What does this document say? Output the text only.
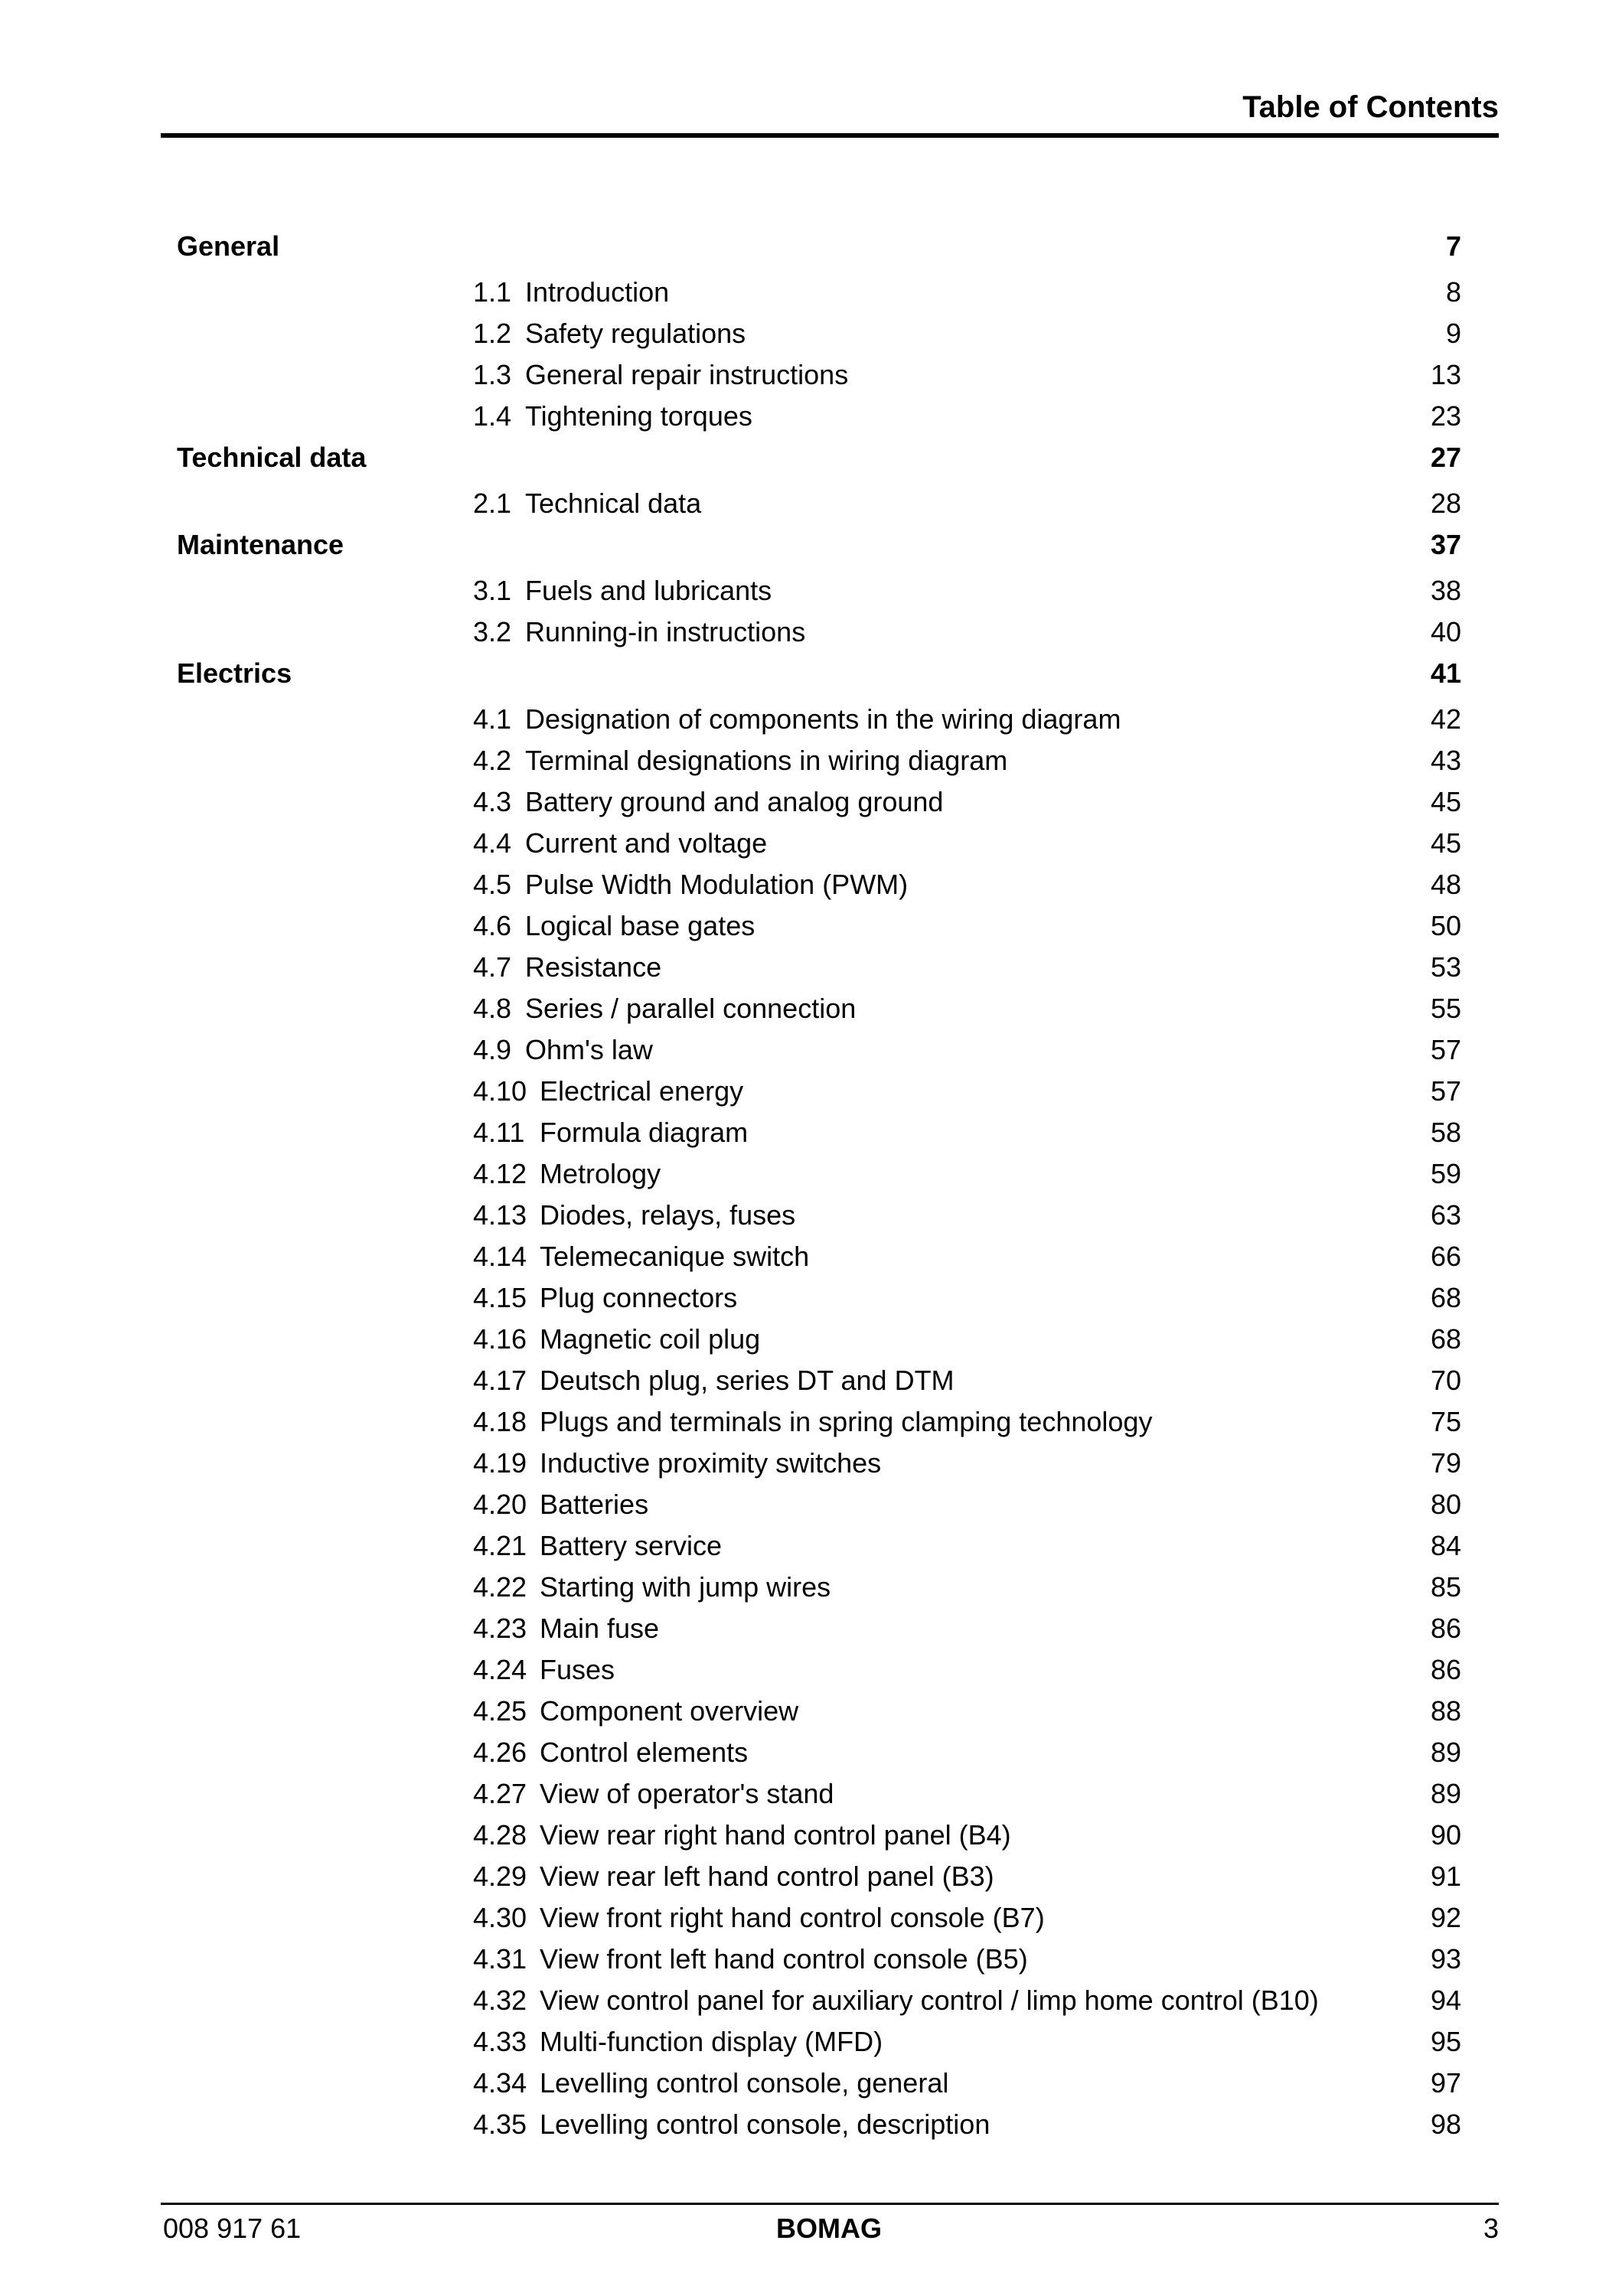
Table of Contents
General	7
1.1 Introduction	8
1.2 Safety regulations	9
1.3 General repair instructions	13
1.4 Tightening torques	23
Technical data	27
2.1 Technical data	28
Maintenance	37
3.1 Fuels and lubricants	38
3.2 Running-in instructions	40
Electrics	41
4.1 Designation of components in the wiring diagram	42
4.2 Terminal designations in wiring diagram	43
4.3 Battery ground and analog ground	45
4.4 Current and voltage	45
4.5 Pulse Width Modulation (PWM)	48
4.6 Logical base gates	50
4.7 Resistance	53
4.8 Series / parallel connection	55
4.9 Ohm's law	57
4.10 Electrical energy	57
4.11 Formula diagram	58
4.12 Metrology	59
4.13 Diodes, relays, fuses	63
4.14 Telemecanique switch	66
4.15 Plug connectors	68
4.16 Magnetic coil plug	68
4.17 Deutsch plug, series DT and DTM	70
4.18 Plugs and terminals in spring clamping technology	75
4.19 Inductive proximity switches	79
4.20 Batteries	80
4.21 Battery service	84
4.22 Starting with jump wires	85
4.23 Main fuse	86
4.24 Fuses	86
4.25 Component overview	88
4.26 Control elements	89
4.27 View of operator's stand	89
4.28 View rear right hand control panel (B4)	90
4.29 View rear left hand control panel (B3)	91
4.30 View front right hand control console (B7)	92
4.31 View front left hand control console (B5)	93
4.32 View control panel for auxiliary control / limp home control (B10)	94
4.33 Multi-function display (MFD)	95
4.34 Levelling control console, general	97
4.35 Levelling control console, description	98
008 917 61	BOMAG	3
